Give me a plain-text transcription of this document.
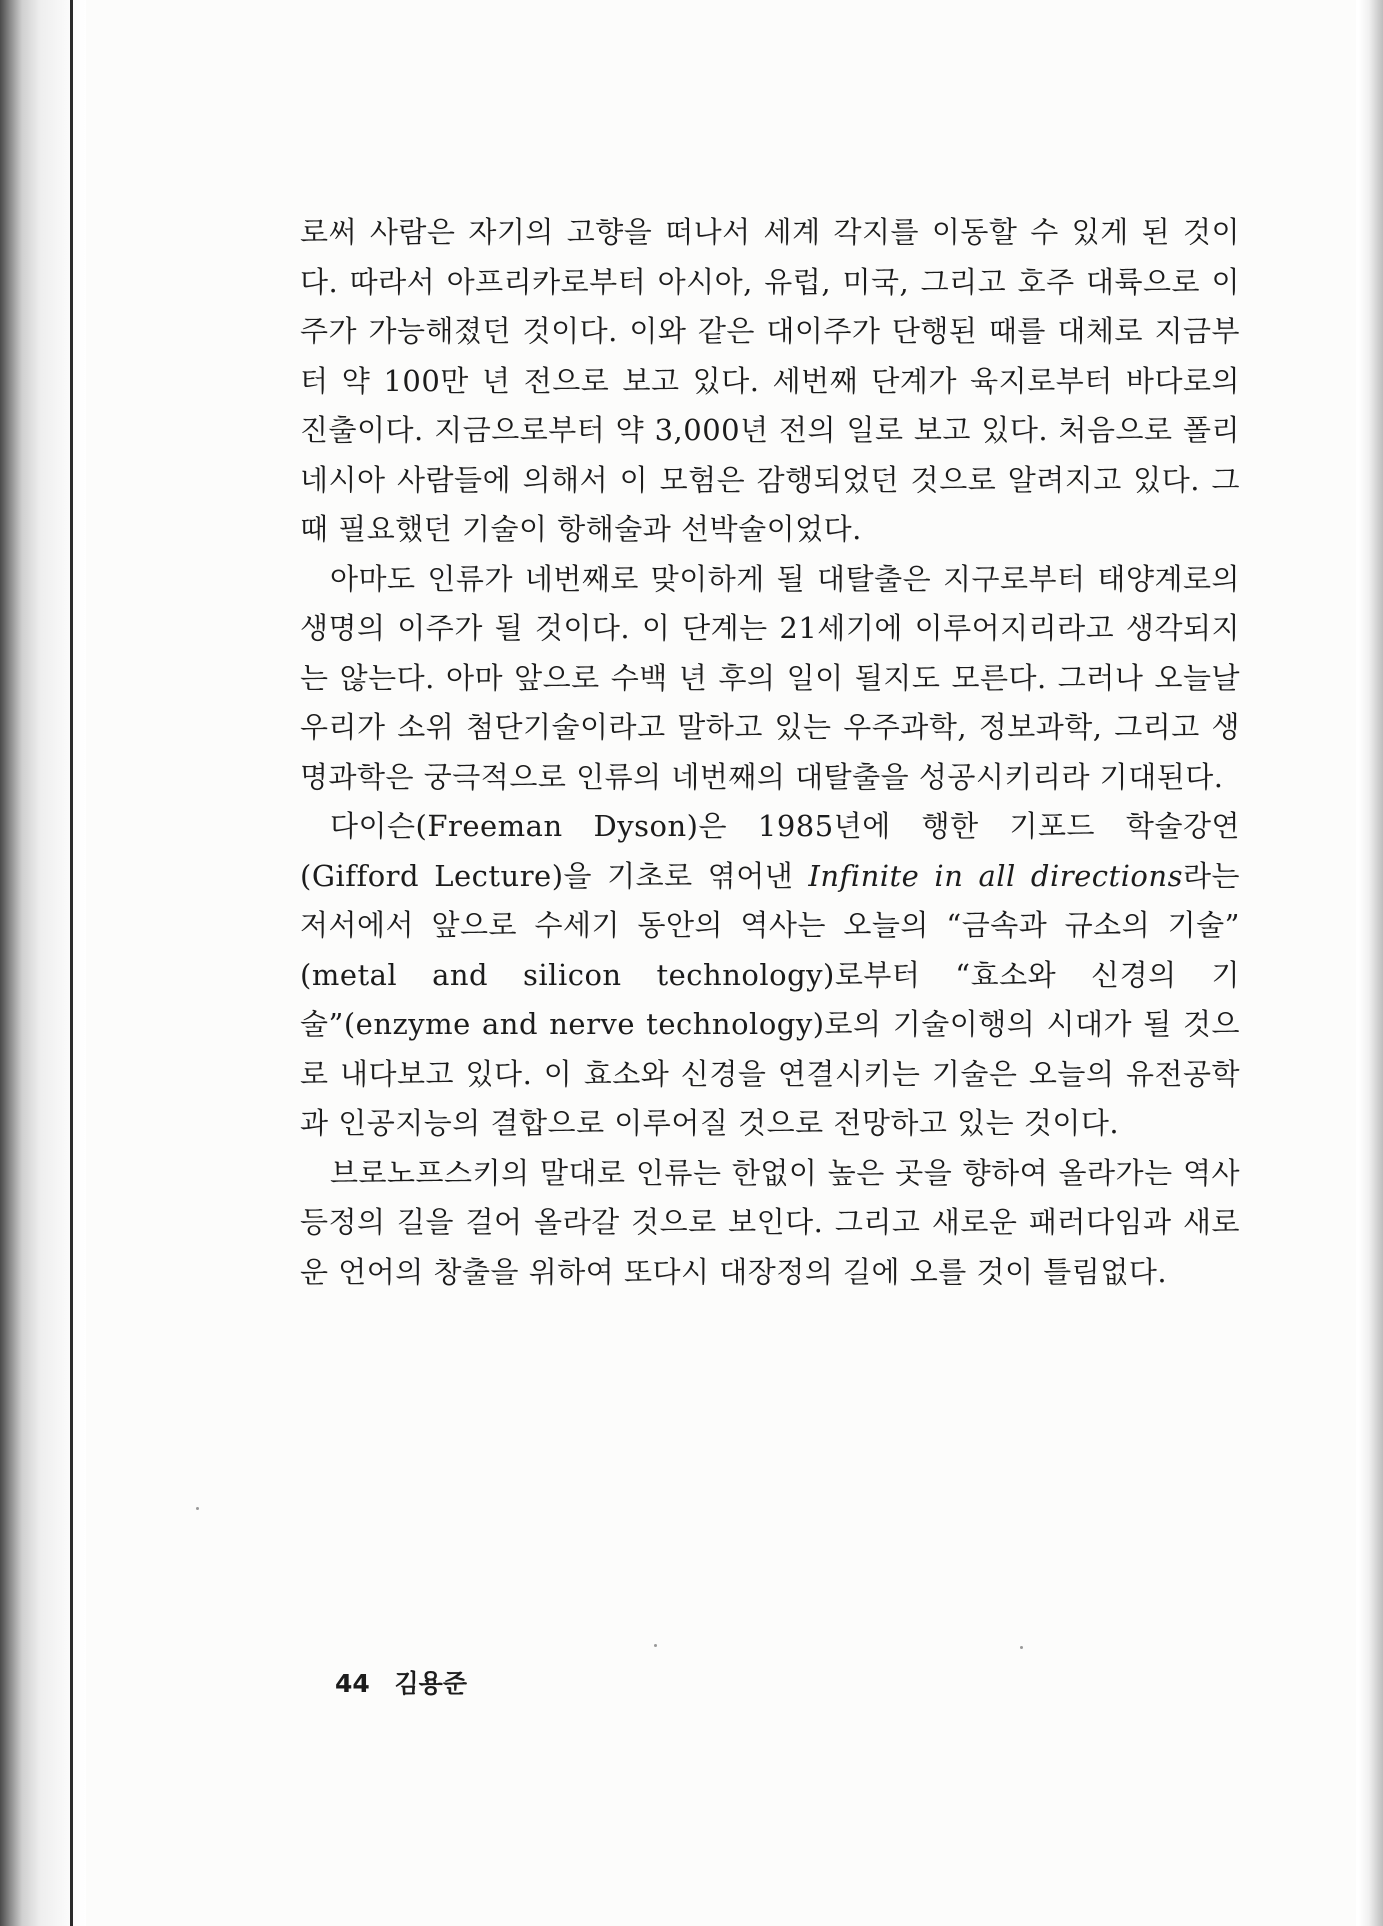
로써 사람은 자기의 고향을 떠나서 세계 각지를 이동할 수 있게 된 것이다. 따라서 아프리카로부터 아시아, 유럽, 미국, 그리고 호주 대륙으로 이주가 가능해졌던 것이다. 이와 같은 대이주가 단행된 때를 대체로 지금부터 약 100만 년 전으로 보고 있다. 세번째 단계가 육지로부터 바다로의 진출이다. 지금으로부터 약 3,000년 전의 일로 보고 있다. 처음으로 폴리네시아 사람들에 의해서 이 모험은 감행되었던 것으로 알려지고 있다. 그때 필요했던 기술이 항해술과 선박술이었다.

아마도 인류가 네번째로 맞이하게 될 대탈출은 지구로부터 태양계로의 생명의 이주가 될 것이다. 이 단계는 21세기에 이루어지리라고 생각되지는 않는다. 아마 앞으로 수백 년 후의 일이 될지도 모른다. 그러나 오늘날 우리가 소위 첨단기술이라고 말하고 있는 우주과학, 정보과학, 그리고 생명과학은 궁극적으로 인류의 네번째의 대탈출을 성공시키리라 기대된다.

다이슨(Freeman Dyson)은 1985년에 행한 기포드 학술강연(Gifford Lecture)을 기초로 엮어낸 Infinite in all directions라는 저서에서 앞으로 수세기 동안의 역사는 오늘의 “금속과 규소의 기술” (metal and silicon technology)로부터 “효소와 신경의 기술”(enzyme and nerve technology)로의 기술이행의 시대가 될 것으로 내다보고 있다. 이 효소와 신경을 연결시키는 기술은 오늘의 유전공학과 인공지능의 결합으로 이루어질 것으로 전망하고 있는 것이다.

브로노프스키의 말대로 인류는 한없이 높은 곳을 향하여 올라가는 역사 등정의 길을 걸어 올라갈 것으로 보인다. 그리고 새로운 패러다임과 새로운 언어의 창출을 위하여 또다시 대장정의 길에 오를 것이 틀림없다.

44 김용준
